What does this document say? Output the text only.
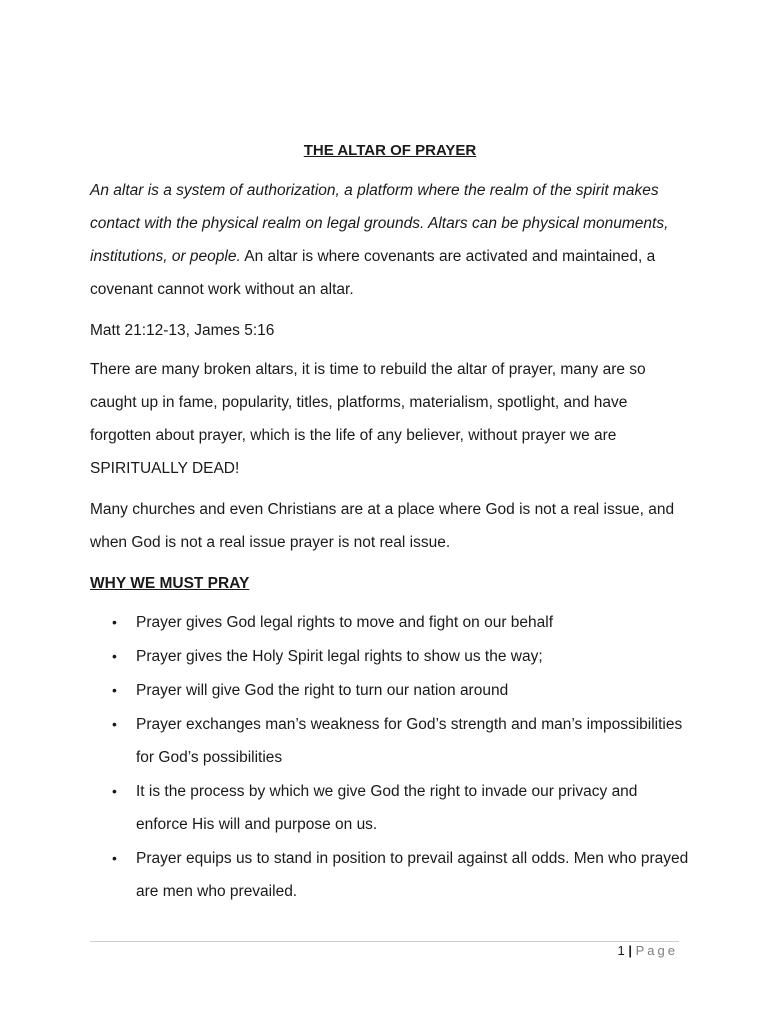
THE ALTAR OF PRAYER

An altar is a system of authorization, a platform where the realm of the spirit makes contact with the physical realm on legal grounds. Altars can be physical monuments, institutions, or people. An altar is where covenants are activated and maintained, a covenant cannot work without an altar.

Matt 21:12-13, James 5:16

There are many broken altars, it is time to rebuild the altar of prayer, many are so caught up in fame, popularity, titles, platforms, materialism, spotlight, and have forgotten about prayer, which is the life of any believer, without prayer we are SPIRITUALLY DEAD!

Many churches and even Christians are at a place where God is not a real issue, and when God is not a real issue prayer is not real issue.

WHY WE MUST PRAY
• Prayer gives God legal rights to move and fight on our behalf
• Prayer gives the Holy Spirit legal rights to show us the way;
• Prayer will give God the right to turn our nation around
• Prayer exchanges man’s weakness for God’s strength and man’s impossibilities for God’s possibilities
• It is the process by which we give God the right to invade our privacy and enforce His will and purpose on us.
• Prayer equips us to stand in position to prevail against all odds. Men who prayed are men who prevailed.
1 | Page
